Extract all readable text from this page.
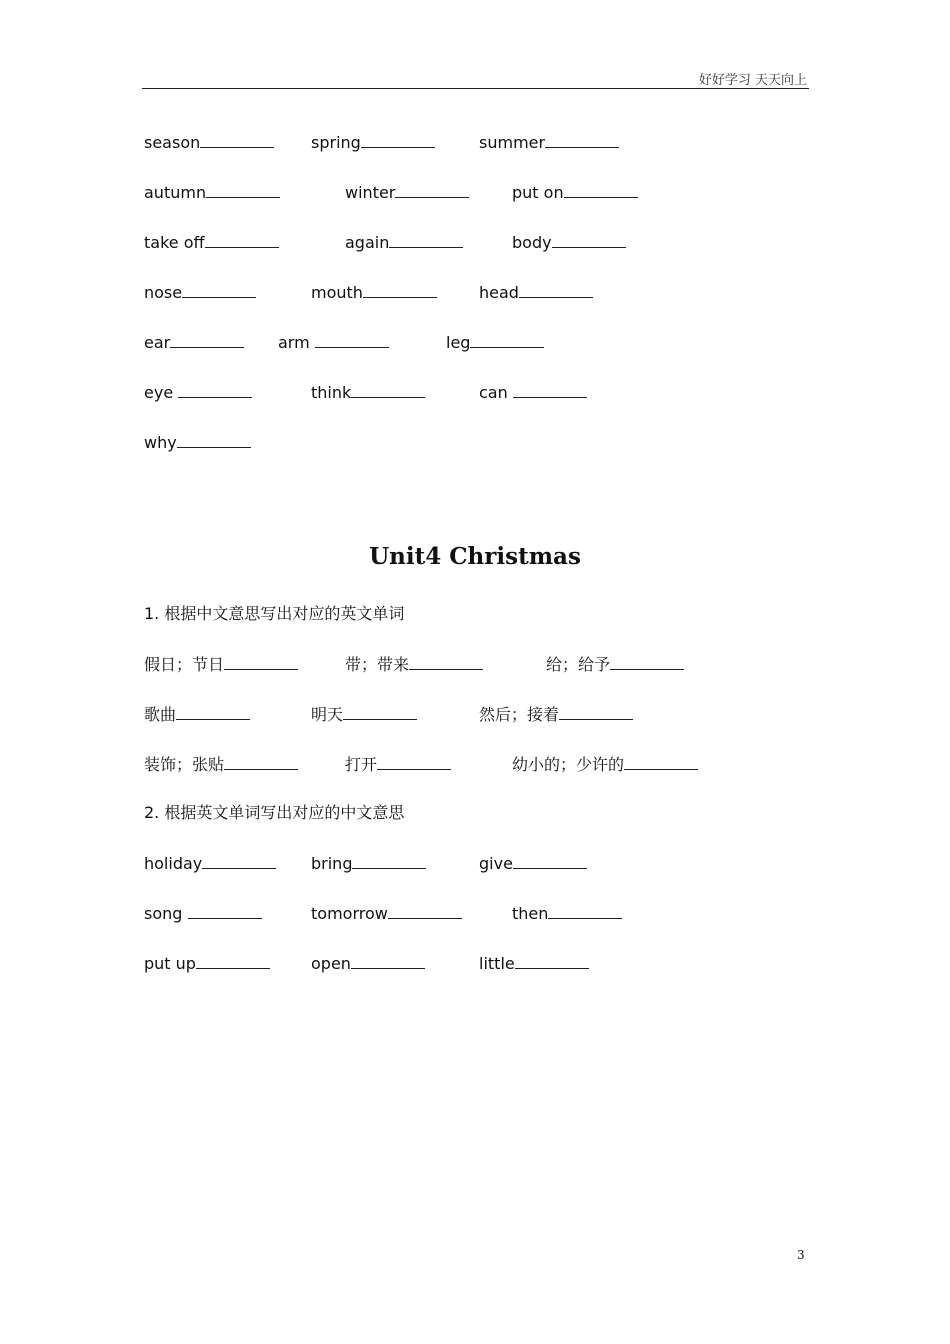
好好学习 天天向上
season	spring	summer
autumn	winter	put on
take off	again	body
nose	mouth	head
ear	arm	leg
eye	think	can
why
Unit4 Christmas
1. 根据中文意思写出对应的英文单词
假日；节日	带；带来	给；给予
歌曲	明天	然后；接着
装饰；张贴	打开	幼小的；少许的
2. 根据英文单词写出对应的中文意思
holiday	bring	give
song	tomorrow	then
put up	open	little
3
